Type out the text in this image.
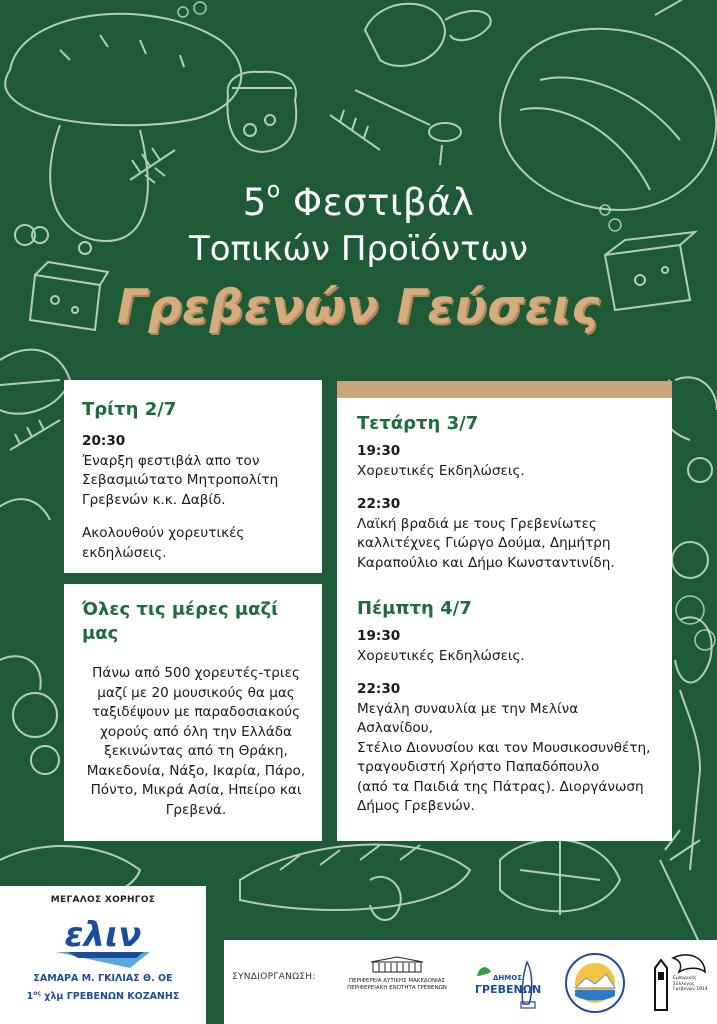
$5^o$ Φεστιβάλ
Τοπικών Προϊόντων
Γρεβενών Γεύσεις
Τρίτη 2/7

20:30

Έναρξη φεστιβάλ απο τον Σεβασμιώτατο Μητροπολίτη Γρεβενών κ.κ. Δαβίδ.

Ακολουθούν χορευτικές εκδηλώσεις.

Όλες τις μέρες μαζί μας

Πάνω από 500 χορευτές-τριες μαζί με 20 μουσικούς θα μας ταξιδέψουν με παραδοσιακούς χορούς από όλη την Ελλάδα ξεκινώντας από τη Θράκη, Μακεδονία, Νάξο, Ικαρία, Πάρο, Πόντο, Μικρά Ασία, Ηπείρο και Γρεβενά.

Τετάρτη 3/7

19:30

Χορευτικές Εκδηλώσεις.

22:30

Λαϊκή βραδιά με τους Γρεβενίωτες καλλιτέχνες Γιώργο Δούμα, Δημήτρη Καραπούλιο και Δήμο Κωνσταντινίδη.

Πέμπτη 4/7

19:30

Χορευτικές Εκδηλώσεις.

22:30

Μεγάλη συναυλία με την Μελίνα Ασλανίδου,

Στέλιο Διονυσίου και τον Μουσικοσυνθέτη,

τραγουδιστή Χρήστο Παπαδόπουλο

(από τα Παιδιά της Πάτρας). Διοργάνωση

Δήμος Γρεβενών.

ΜΕΓΑΛΟΣ ΧΟΡΗΓΟΣ
ελιν
ΣΑΜΑΡΑ Μ. ΓΚΙΛΙΑΣ Θ. ΟΕ
$1^{o\varsigma}$ χλμ ΓΡΕΒΕΝΩΝ ΚΟΖΑΝΗΣ
ΣΥΝΔΙΟΡΓΑΝΩΣΗ:	ΠΕΡΙΦΕΡΕΙΑ ΔΥΤΙΚΗΣ ΜΑΚΕΔΟΝΙΑΣ
ΠΕΡΙΦΕΡΕΙΑΚΗ ΕΝΟΤΗΤΑ ΓΡΕΒΕΝΩΝ
ΔΗΜΟΣ
ΓΡΕΒΕΝΩΝ
Εμπορικός Σύλλογος Γρεβενών 1914
